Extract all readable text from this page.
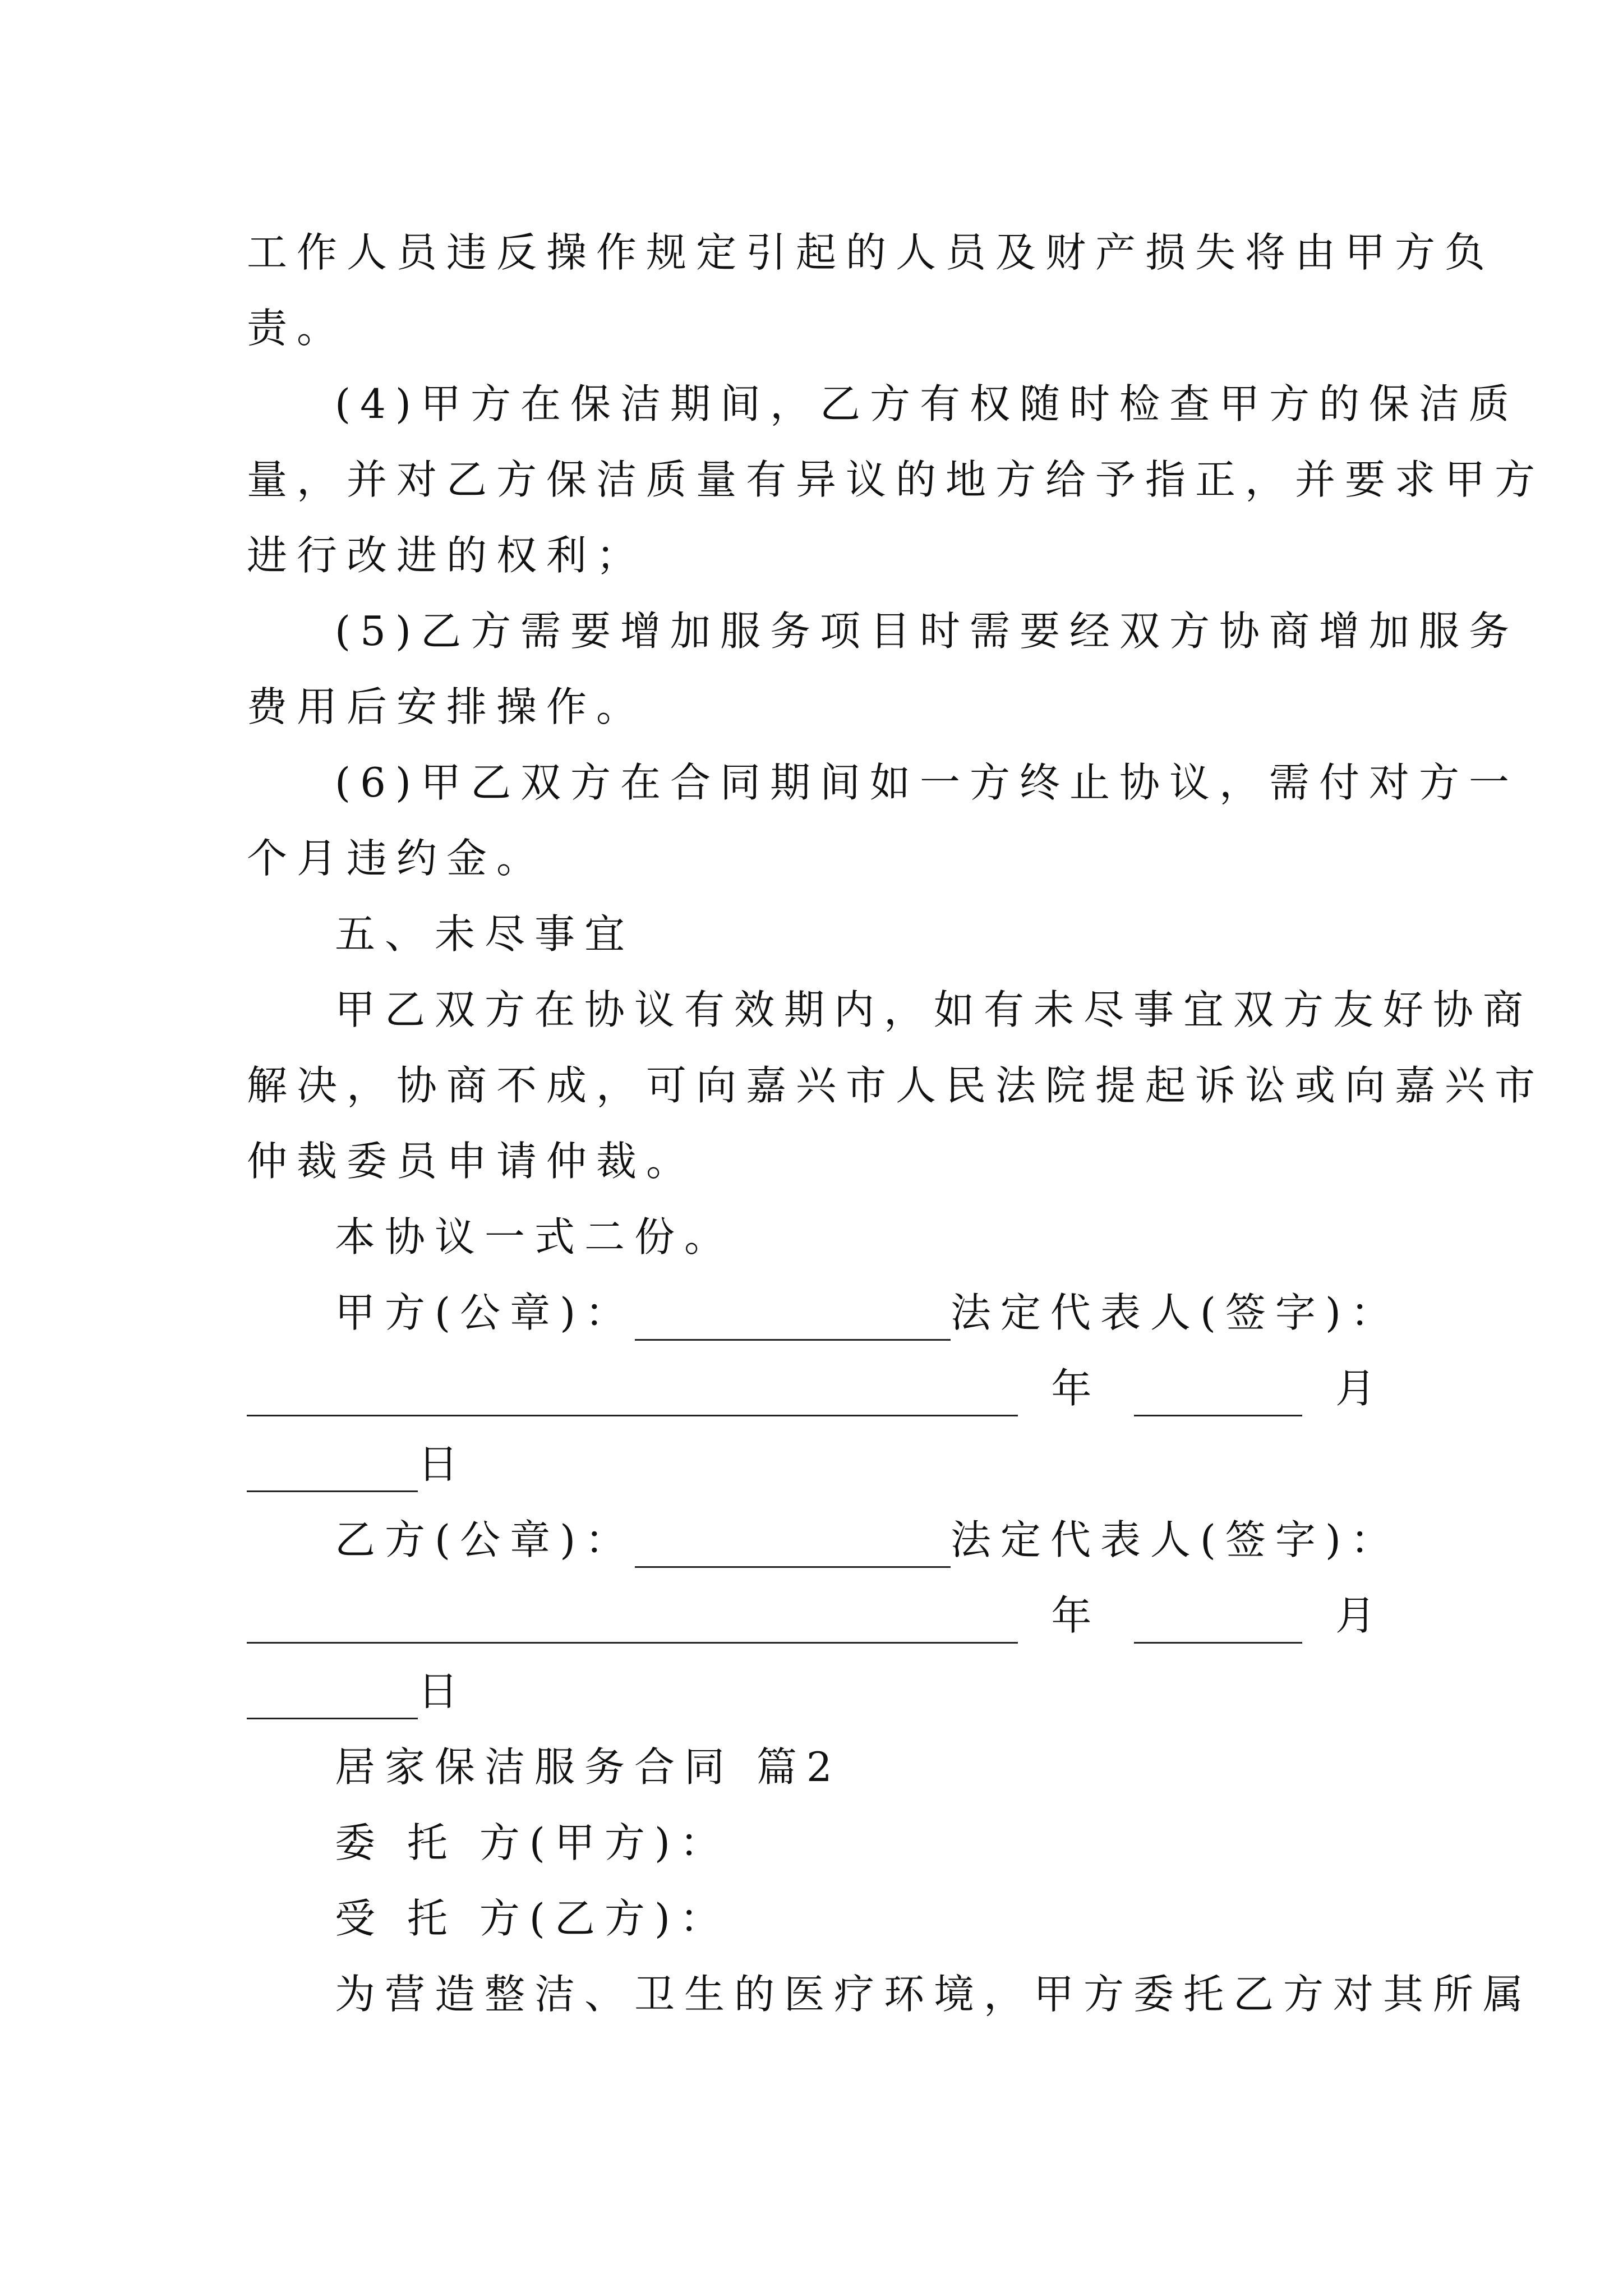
工作人员违反操作规定引起的人员及财产损失将由甲方负
责。
(4)甲方在保洁期间，乙方有权随时检查甲方的保洁质
量，并对乙方保洁质量有异议的地方给予指正，并要求甲方
进行改进的权利；
(5)乙方需要增加服务项目时需要经双方协商增加服务
费用后安排操作。
(6)甲乙双方在合同期间如一方终止协议，需付对方一
个月违约金。
五、未尽事宜
甲乙双方在协议有效期内，如有未尽事宜双方友好协商
解决，协商不成，可向嘉兴市人民法院提起诉讼或向嘉兴市
仲裁委员申请仲裁。
本协议一式二份。
甲方(公章)：	法定代表人(签字)：
年	月
日
乙方(公章)：	法定代表人(签字)：
年	月
日
居家保洁服务合同 篇2
委 托 方(甲方)：
受 托 方(乙方)：
为营造整洁、卫生的医疗环境，甲方委托乙方对其所属
